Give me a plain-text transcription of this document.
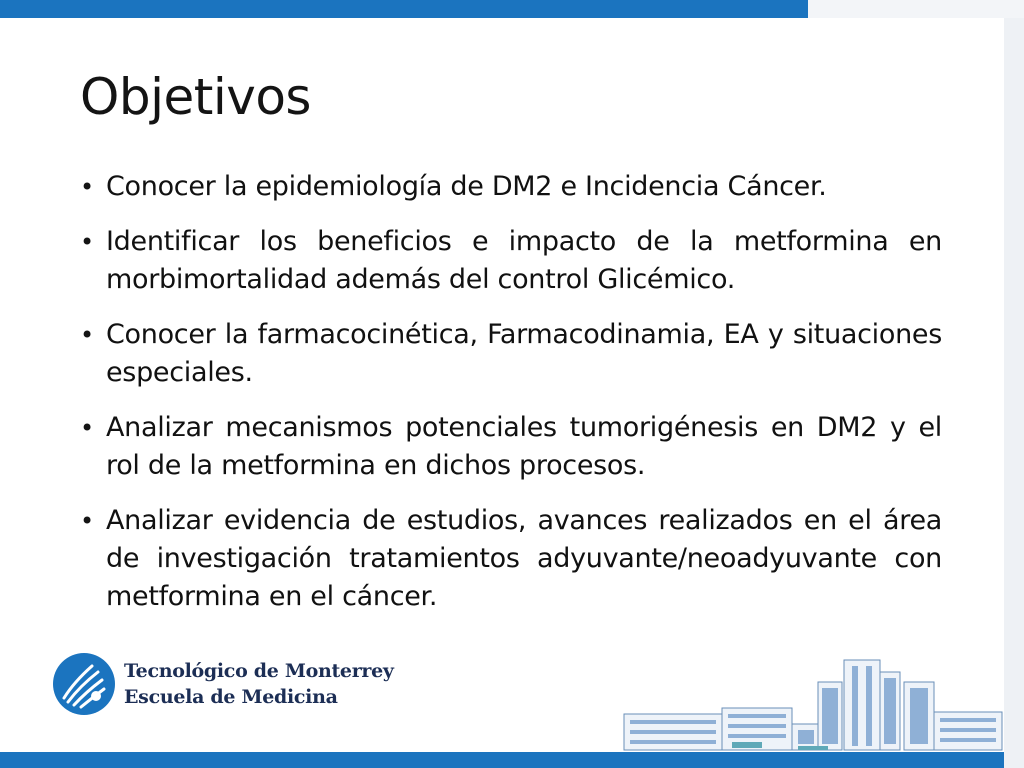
Objetivos
• Conocer la epidemiología de DM2 e Incidencia Cáncer.
• Identificar los beneficios e impacto de la metformina en morbimortalidad además del control Glicémico.
• Conocer la farmacocinética, Farmacodinamia, EA y situaciones especiales.
• Analizar mecanismos potenciales tumorigénesis en DM2 y el rol de la metformina en dichos procesos.
• Analizar evidencia de estudios, avances realizados en el área de investigación tratamientos adyuvante/neoadyuvante con metformina en el cáncer.
Tecnológico de Monterrey
Escuela de Medicina
